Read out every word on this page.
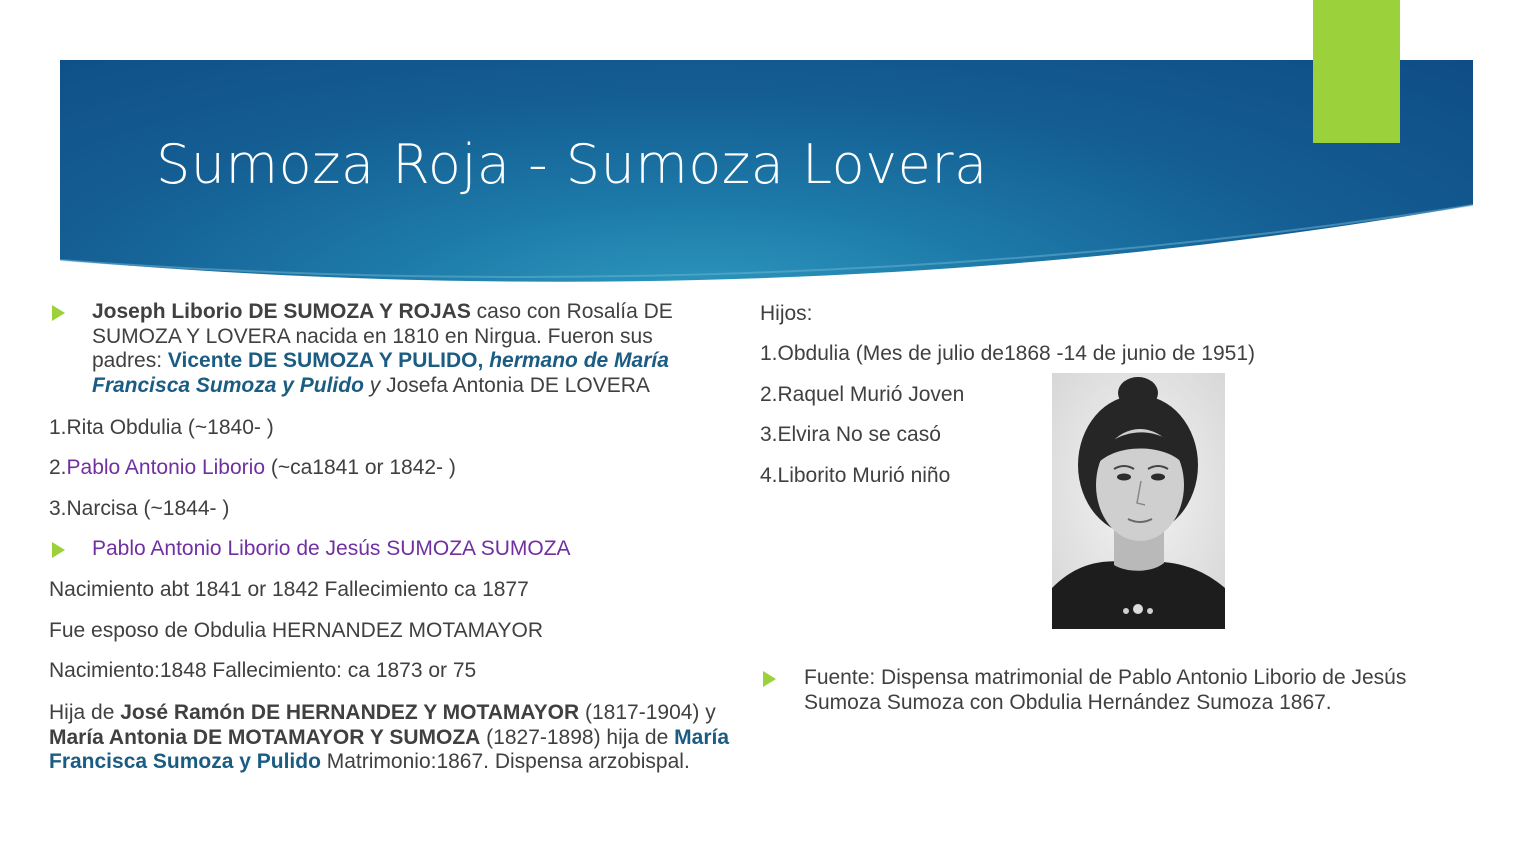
Sumoza Roja - Sumoza Lovera

Joseph Liborio DE SUMOZA Y ROJAS caso con Rosalía DE SUMOZA Y LOVERA nacida en 1810 en Nirgua. Fueron sus padres: Vicente DE SUMOZA Y PULIDO, hermano de María Francisca Sumoza y Pulido y Josefa Antonia DE LOVERA

1.Rita Obdulia (~1840- )

2.Pablo Antonio Liborio (~ca1841 or 1842- )

3.Narcisa (~1844- )

Pablo Antonio Liborio de Jesús SUMOZA SUMOZA

Nacimiento abt 1841 or 1842 Fallecimiento ca 1877

Fue esposo de Obdulia HERNANDEZ MOTAMAYOR

Nacimiento:1848 Fallecimiento: ca 1873 or 75

Hija de José Ramón DE HERNANDEZ Y MOTAMAYOR (1817-1904) y María Antonia DE MOTAMAYOR Y SUMOZA (1827-1898) hija de María Francisca Sumoza y Pulido Matrimonio:1867. Dispensa arzobispal.

Hijos:

1.Obdulia (Mes de julio de1868 -14 de junio de 1951)

2.Raquel Murió Joven

3.Elvira No se casó

4.Liborito Murió niño

Fuente: Dispensa matrimonial de Pablo Antonio Liborio de Jesús Sumoza Sumoza con Obdulia Hernández Sumoza 1867.
